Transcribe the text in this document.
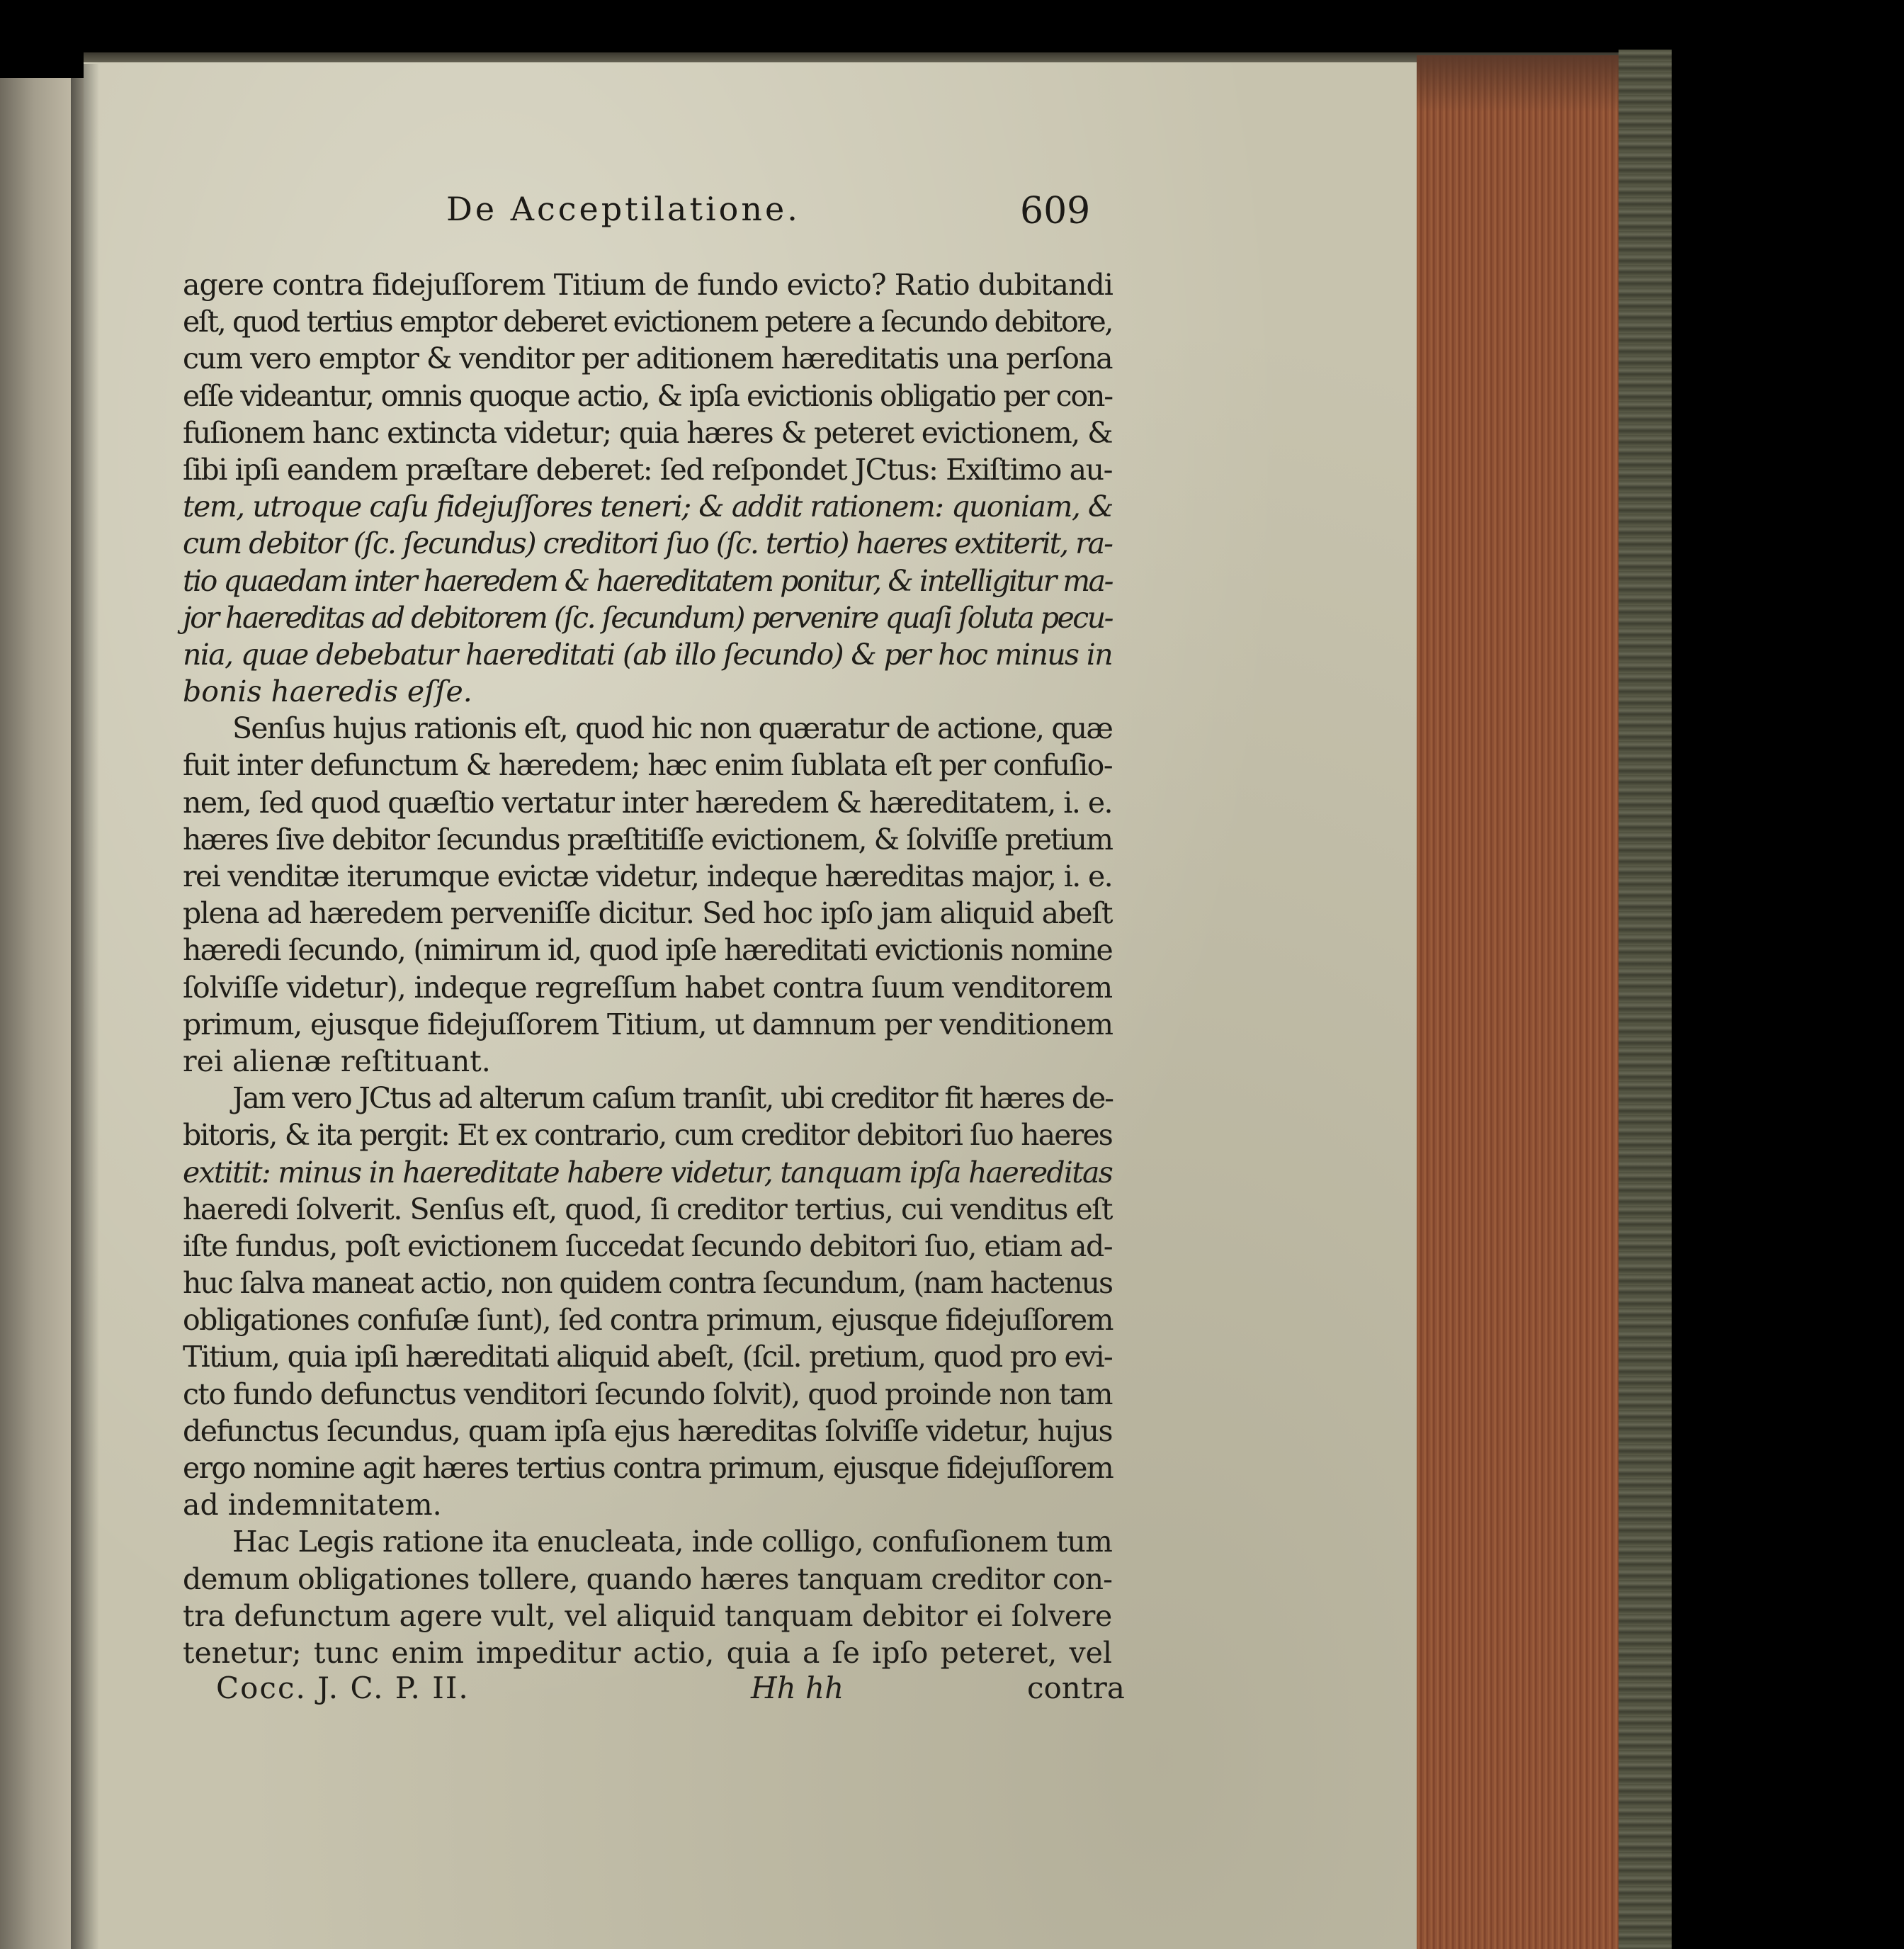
De Acceptilatione.	609
agere contra fidejuſſorem Titium de fundo evicto? Ratio dubitandi
eſt, quod tertius emptor deberet evictionem petere a ſecundo debitore,
cum vero emptor & venditor per aditionem hæreditatis una perſona
eſſe videantur, omnis quoque actio, & ipſa evictionis obligatio per con-
fuſionem hanc extincta videtur; quia hæres & peteret evictionem, &
ſibi ipſi eandem præſtare deberet: ſed reſpondet JCtus: Exiſtimo au-
tem, utroque caſu fidejuſſores teneri; & addit rationem: quoniam, &
cum debitor (ſc. ſecundus) creditori ſuo (ſc. tertio) haeres extiterit, ra-
tio quaedam inter haeredem & haereditatem ponitur, & intelligitur ma-
jor haereditas ad debitorem (ſc. ſecundum) pervenire quaſi ſoluta pecu-
nia, quae debebatur haereditati (ab illo ſecundo) & per hoc minus in
bonis haeredis eſſe.
Senſus hujus rationis eſt, quod hic non quæratur de actione, quæ
fuit inter defunctum & hæredem; hæc enim ſublata eſt per confuſio-
nem, ſed quod quæſtio vertatur inter hæredem & hæreditatem, i. e.
hæres ſive debitor ſecundus præſtitiſſe evictionem, & ſolviſſe pretium
rei venditæ iterumque evictæ videtur, indeque hæreditas major, i. e.
plena ad hæredem perveniſſe dicitur. Sed hoc ipſo jam aliquid abeſt
hæredi ſecundo, (nimirum id, quod ipſe hæreditati evictionis nomine
ſolviſſe videtur), indeque regreſſum habet contra ſuum venditorem
primum, ejusque fidejuſſorem Titium, ut damnum per venditionem
rei alienæ reſtituant.
Jam vero JCtus ad alterum caſum tranſit, ubi creditor fit hæres de-
bitoris, & ita pergit: Et ex contrario, cum creditor debitori ſuo haeres
extitit: minus in haereditate habere videtur, tanquam ipſa haereditas
haeredi ſolverit. Senſus eſt, quod, ſi creditor tertius, cui venditus eſt
iſte fundus, poſt evictionem ſuccedat ſecundo debitori ſuo, etiam ad-
huc ſalva maneat actio, non quidem contra ſecundum, (nam hactenus
obligationes confuſæ ſunt), ſed contra primum, ejusque fidejuſſorem
Titium, quia ipſi hæreditati aliquid abeſt, (ſcil. pretium, quod pro evi-
cto fundo defunctus venditori ſecundo ſolvit), quod proinde non tam
defunctus ſecundus, quam ipſa ejus hæreditas ſolviſſe videtur, hujus
ergo nomine agit hæres tertius contra primum, ejusque fidejuſſorem
ad indemnitatem.
Hac Legis ratione ita enucleata, inde colligo, confuſionem tum
demum obligationes tollere, quando hæres tanquam creditor con-
tra defunctum agere vult, vel aliquid tanquam debitor ei ſolvere
tenetur; tunc enim impeditur actio, quia a ſe ipſo peteret, vel
Cocc. J. C. P. II.	Hh hh	contra
